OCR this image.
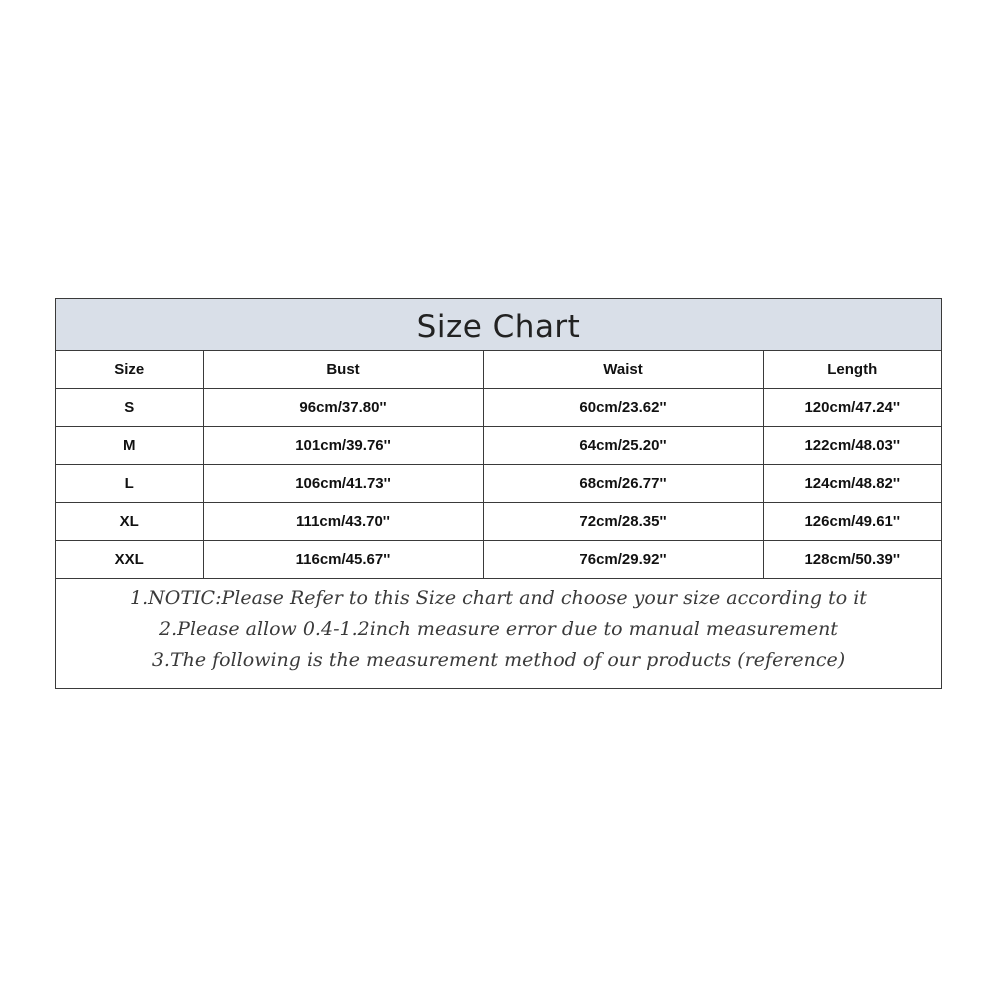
Size Chart
Size	Bust	Waist	Length
S	96cm/37.80''	60cm/23.62''	120cm/47.24''
M	101cm/39.76''	64cm/25.20''	122cm/48.03''
L	106cm/41.73''	68cm/26.77''	124cm/48.82''
XL	111cm/43.70''	72cm/28.35''	126cm/49.61''
XXL	116cm/45.67''	76cm/29.92''	128cm/50.39''
1.NOTIC:Please Refer to this Size chart and choose your size according to it
2.Please allow 0.4-1.2inch measure error due to manual measurement
3.The following is the measurement method of our products (reference)
